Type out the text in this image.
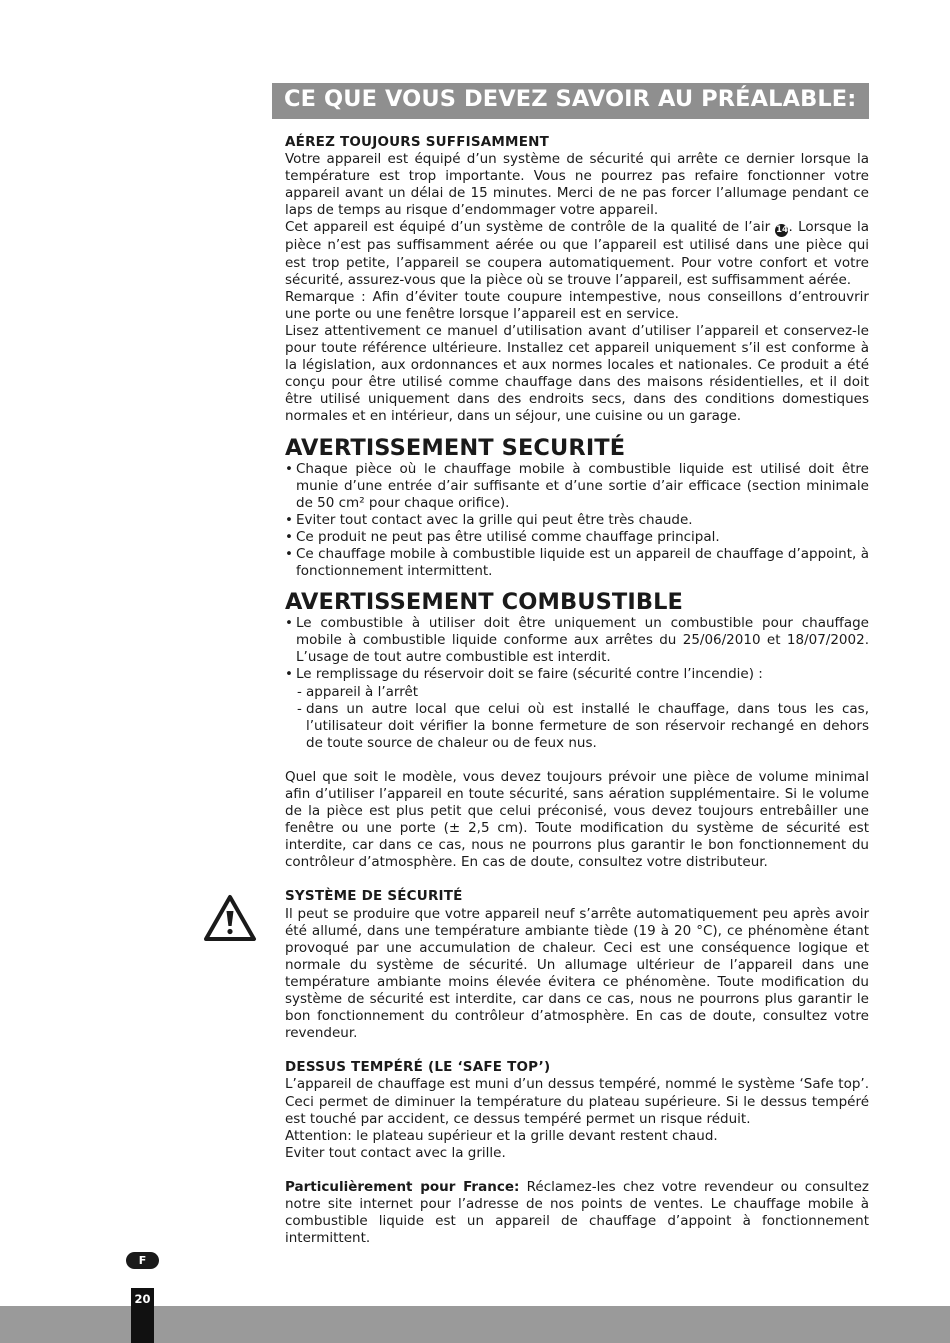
CE QUE VOUS DEVEZ SAVOIR AU PRÉALABLE:

AÉREZ TOUJOURS SUFFISAMMENT

Votre appareil est équipé d’un système de sécurité qui arrête ce dernier lorsque la température est trop importante. Vous ne pourrez pas refaire fonctionner votre appareil avant un délai de 15 minutes. Merci de ne pas forcer l’allumage pendant ce laps de temps au risque d’endommager votre appareil.

Cet appareil est équipé d’un système de contrôle de la qualité de l’air 14. Lorsque la pièce n’est pas suffisamment aérée ou que l’appareil est utilisé dans une pièce qui est trop petite, l’appareil se coupera automatiquement. Pour votre confort et votre sécurité, assurez-vous que la pièce où se trouve l’appareil, est suffisamment aérée.

Remarque : Afin d’éviter toute coupure intempestive, nous conseillons d’entrouvrir une porte ou une fenêtre lorsque l’appareil est en service.

Lisez attentivement ce manuel d’utilisation avant d’utiliser l’appareil et conservez-le pour toute référence ultérieure. Installez cet appareil uniquement s’il est conforme à la législation, aux ordonnances et aux normes locales et nationales. Ce produit a été conçu pour être utilisé comme chauffage dans des maisons résidentielles, et il doit être utilisé uniquement dans des endroits secs, dans des conditions domestiques normales et en intérieur, dans un séjour, une cuisine ou un garage.

AVERTISSEMENT SECURITÉ
• Chaque pièce où le chauffage mobile à combustible liquide est utilisé doit être munie d’une entrée d’air suffisante et d’une sortie d’air efficace (section minimale de 50 cm² pour chaque orifice).
• Eviter tout contact avec la grille qui peut être très chaude.
• Ce produit ne peut pas être utilisé comme chauffage principal.
• Ce chauffage mobile à combustible liquide est un appareil de chauffage d’appoint, à fonctionnement intermittent.
AVERTISSEMENT COMBUSTIBLE
• Le combustible à utiliser doit être uniquement un combustible pour chauffage mobile à combustible liquide conforme aux arrêtes du 25/06/2010 et 18/07/2002. L’usage de tout autre combustible est interdit.
• Le remplissage du réservoir doit se faire (sécurité contre l’incendie) :
- appareil à l’arrêt
- dans un autre local que celui où est installé le chauffage, dans tous les cas, l’utilisateur doit vérifier la bonne fermeture de son réservoir rechangé en dehors de toute source de chaleur ou de feux nus.

Quel que soit le modèle, vous devez toujours prévoir une pièce de volume minimal afin d’utiliser l’appareil en toute sécurité, sans aération supplémentaire. Si le volume de la pièce est plus petit que celui préconisé, vous devez toujours entrebâiller une fenêtre ou une porte (± 2,5 cm). Toute modification du système de sécurité est interdite, car dans ce cas, nous ne pourrons plus garantir le bon fonctionnement du contrôleur d’atmosphère. En cas de doute, consultez votre distributeur.

SYSTÈME DE SÉCURITÉ

Il peut se produire que votre appareil neuf s’arrête automatiquement peu après avoir été allumé, dans une température ambiante tiède (19 à 20 °C), ce phénomène étant provoqué par une accumulation de chaleur. Ceci est une conséquence logique et normale du système de sécurité. Un allumage ultérieur de l’appareil dans une température ambiante moins élevée évitera ce phénomène. Toute modification du système de sécurité est interdite, car dans ce cas, nous ne pourrons plus garantir le bon fonctionnement du contrôleur d’atmosphère. En cas de doute, consultez votre revendeur.

DESSUS TEMPÉRÉ (LE ‘SAFE TOP’)

L’appareil de chauffage est muni d’un dessus tempéré, nommé le système ‘Safe top’. Ceci permet de diminuer la température du plateau supérieure. Si le dessus tempéré est touché par accident, ce dessus tempéré permet un risque réduit.

Attention: le plateau supérieur et la grille devant restent chaud.

Eviter tout contact avec la grille.

Particulièrement pour France: Réclamez-les chez votre revendeur ou consultez notre site internet pour l’adresse de nos points de ventes. Le chauffage mobile à combustible liquide est un appareil de chauffage d’appoint à fonctionnement intermittent.

F
20
